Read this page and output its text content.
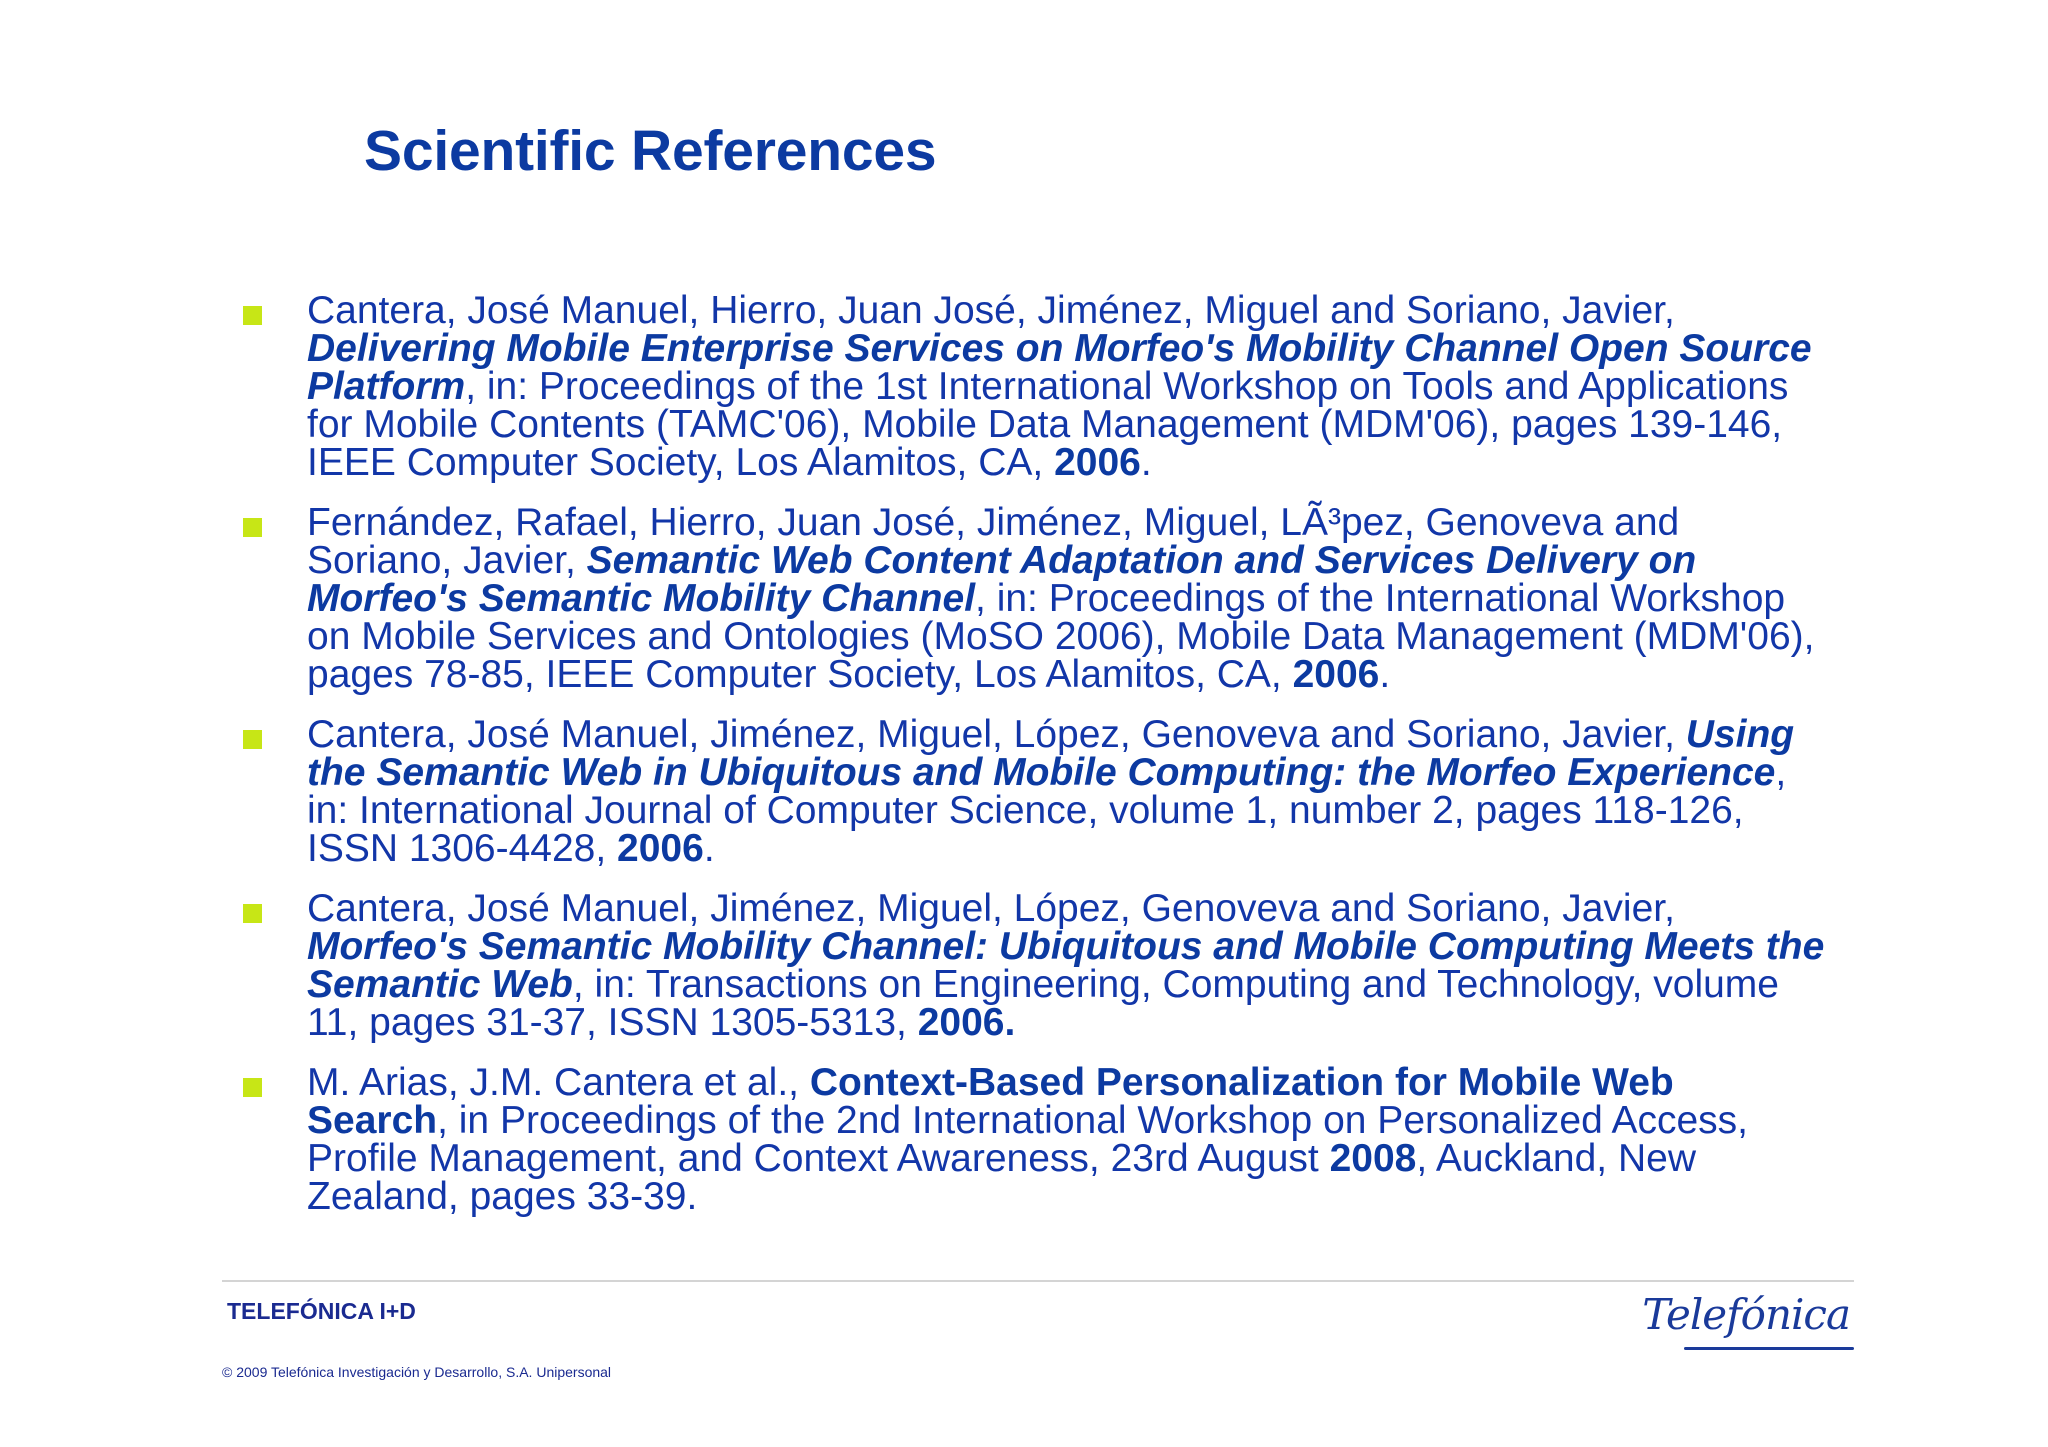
Scientific References
Cantera, José Manuel, Hierro, Juan José, Jiménez, Miguel and Soriano, Javier,
Delivering Mobile Enterprise Services on Morfeo's Mobility Channel Open Source
Platform, in: Proceedings of the 1st International Workshop on Tools and Applications
for Mobile Contents (TAMC'06), Mobile Data Management (MDM'06), pages 139-146,
IEEE Computer Society, Los Alamitos, CA, 2006.
Fernández, Rafael, Hierro, Juan José, Jiménez, Miguel, LÃ³pez, Genoveva and
Soriano, Javier, Semantic Web Content Adaptation and Services Delivery on
Morfeo's Semantic Mobility Channel, in: Proceedings of the International Workshop
on Mobile Services and Ontologies (MoSO 2006), Mobile Data Management (MDM'06),
pages 78-85, IEEE Computer Society, Los Alamitos, CA, 2006.
Cantera, José Manuel, Jiménez, Miguel, López, Genoveva and Soriano, Javier, Using
the Semantic Web in Ubiquitous and Mobile Computing: the Morfeo Experience,
in: International Journal of Computer Science, volume 1, number 2, pages 118-126,
ISSN 1306-4428, 2006.
Cantera, José Manuel, Jiménez, Miguel, López, Genoveva and Soriano, Javier,
Morfeo's Semantic Mobility Channel: Ubiquitous and Mobile Computing Meets the
Semantic Web, in: Transactions on Engineering, Computing and Technology, volume
11, pages 31-37, ISSN 1305-5313, 2006.
M. Arias, J.M. Cantera et al., Context-Based Personalization for Mobile Web
Search, in Proceedings of the 2nd International Workshop on Personalized Access,
Profile Management, and Context Awareness, 23rd August 2008, Auckland, New
Zealand, pages 33-39.
TELEFÓNICA I+D
© 2009 Telefónica Investigación y Desarrollo, S.A. Unipersonal
Telefónica
